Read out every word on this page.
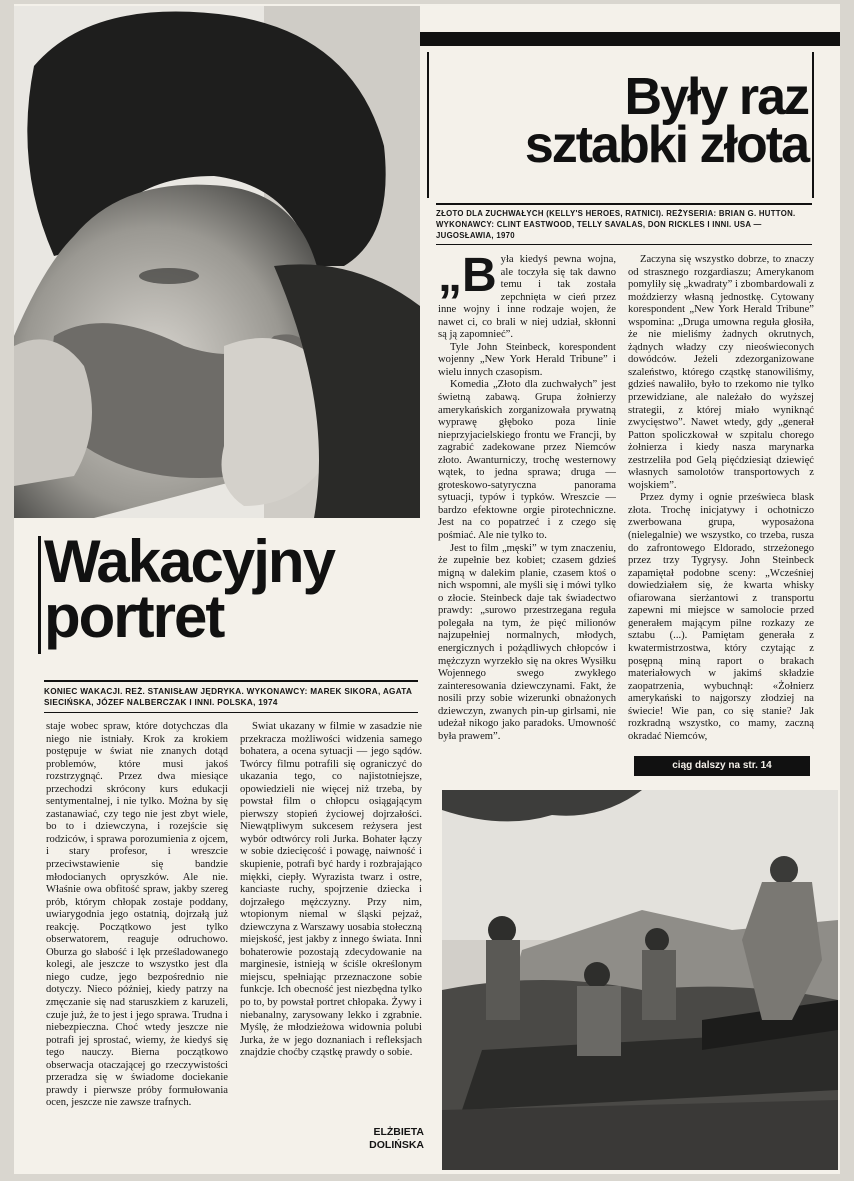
Wakacyjny
portret

KONIEC WAKACJI. REŻ. STANISŁAW JĘDRYKA. WYKONAWCY: MAREK SIKORA, AGATA SIECIŃSKA, JÓZEF NALBERCZAK I INNI. POLSKA, 1974

staje wobec spraw, które dotychczas dla niego nie istniały. Krok za krokiem postępuje w świat nie znanych dotąd problemów, które musi jakoś rozstrzygnąć. Przez dwa miesiące przechodzi skrócony kurs edukacji sentymentalnej, i nie tylko. Można by się zastanawiać, czy tego nie jest zbyt wiele, bo to i dziewczyna, i rozejście się rodziców, i sprawa porozumienia z ojcem, i stary profesor, i wreszcie przeciwstawienie się bandzie młodocianych opryszków. Ale nie. Właśnie owa obfitość spraw, jakby szereg prób, którym chłopak zostaje poddany, uwiarygodnia jego ostatnią, dojrzałą już reakcję. Początkowo jest tylko obserwatorem, reaguje odruchowo. Oburza go słabość i lęk prześladowanego kolegi, ale jeszcze to wszystko jest dla niego cudze, jego bezpośrednio nie dotyczy. Nieco później, kiedy patrzy na zmęczanie się nad staruszkiem z karuzeli, czuje już, że to jest i jego sprawa. Trudna i niebezpieczna. Choć wtedy jeszcze nie potrafi jej sprostać, wiemy, że kiedyś się tego nauczy. Bierna początkowo obserwacja otaczającej go rzeczywistości przeradza się w świadome dociekanie prawdy i pierwsze próby formułowania ocen, jeszcze nie zawsze trafnych.

Świat ukazany w filmie w zasadzie nie przekracza możliwości widzenia samego bohatera, a ocena sytuacji — jego sądów. Twórcy filmu potrafili się ograniczyć do ukazania tego, co najistotniejsze, opowiedzieli nie więcej niż trzeba, by powstał film o chłopcu osiągającym pierwszy stopień życiowej dojrzałości. Niewątpliwym sukcesem reżysera jest wybór odtwórcy roli Jurka. Bohater łączy w sobie dziecięcość i powagę, naiwność i skupienie, potrafi być hardy i rozbrajająco miękki, ciepły. Wyrazista twarz i ostre, kanciaste ruchy, spojrzenie dziecka i dojrzałego mężczyzny. Przy nim, wtopionym niemal w śląski pejzaż, dziewczyna z Warszawy uosabia stołeczną miejskość, jest jakby z innego świata. Inni bohaterowie pozostają zdecydowanie na marginesie, istnieją w ściśle określonym miejscu, spełniając przeznaczone sobie funkcje. Ich obecność jest niezbędna tylko po to, by powstał portret chłopaka. Żywy i niebanalny, zarysowany lekko i zgrabnie. Myślę, że młodzieżowa widownia polubi Jurka, że w jego doznaniach i refleksjach znajdzie choćby cząstkę prawdy o sobie.

ELŻBIETA
DOLIŃSKA

Były raz
sztabki złota

ZŁOTO DLA ZUCHWAŁYCH (KELLY'S HEROES, RATNICI). REŻYSERIA: BRIAN G. HUTTON. WYKONAWCY: CLINT EASTWOOD, TELLY SAVALAS, DON RICKLES I INNI. USA — JUGOSŁAWIA, 1970

„Była kiedyś pewna wojna, ale toczyła się tak dawno temu i tak została zepchnięta w cień przez inne wojny i inne rodzaje wojen, że nawet ci, co brali w niej udział, skłonni są ją zapomnieć”.

Tyle John Steinbeck, korespondent wojenny „New York Herald Tribune” i wielu innych czasopism.

Komedia „Złoto dla zuchwałych” jest świetną zabawą. Grupa żołnierzy amerykańskich zorganizowała prywatną wyprawę głęboko poza linie nieprzyjacielskiego frontu we Francji, by zagrabić zadekowane przez Niemców złoto. Awanturniczy, trochę westernowy wątek, to jedna sprawa; druga — groteskowo-satyryczna panorama sytuacji, typów i typków. Wreszcie — bardzo efektowne orgie pirotechniczne. Jest na co popatrzeć i z czego się pośmiać. Ale nie tylko to.

Jest to film „męski” w tym znaczeniu, że zupełnie bez kobiet; czasem gdzieś migną w dalekim planie, czasem ktoś o nich wspomni, ale myśli się i mówi tylko o złocie. Steinbeck daje tak świadectwo prawdy: „surowo przestrzegana reguła polegała na tym, że pięć milionów najzupełniej normalnych, młodych, energicznych i pożądliwych chłopców i mężczyzn wyrzekło się na okres Wysiłku Wojennego swego zwykłego zainteresowania dziewczynami. Fakt, że nosili przy sobie wizerunki obnażonych dziewczyn, zwanych pin-up girlsami, nie udeżał nikogo jako paradoks. Umowność była prawem”.

Zaczyna się wszystko dobrze, to znaczy od strasznego rozgardiaszu; Amerykanom pomyliły się „kwadraty” i zbombardowali z moździerzy własną jednostkę. Cytowany korespondent „New York Herald Tribune” wspomina: „Druga umowna reguła głosiła, że nie mieliśmy żadnych okrutnych, żądnych władzy czy nieoświeconych dowódców. Jeżeli zdezorganizowane szaleństwo, którego cząstkę stanowiliśmy, gdzieś nawaliło, było to rzekomo nie tylko przewidziane, ale należało do wyższej strategii, z której miało wyniknąć zwycięstwo”. Nawet wtedy, gdy „generał Patton spoliczkował w szpitalu chorego żołnierza i kiedy nasza marynarka zestrzeliła pod Gelą pięćdziesiąt dziewięć własnych samolotów transportowych z wojskiem”.

Przez dymy i ognie prześwieca blask złota. Trochę inicjatywy i ochotniczo zwerbowana grupa, wyposażona (nielegalnie) we wszystko, co trzeba, rusza do zafrontowego Eldorado, strzeżonego przez trzy Tygrysy. John Steinbeck zapamiętał podobne sceny: „Wcześniej dowiedziałem się, że kwarta whisky ofiarowana sierżantowi z transportu zapewni mi miejsce w samolocie przed generałem mającym pilne rozkazy ze sztabu (...). Pamiętam generała z kwatermistrzostwa, który czytając z posępną miną raport o brakach materiałowych w jakimś składzie zaopatrzenia, wybuchnął: «Żołnierz amerykański to najgorszy złodziej na świecie! Wie pan, co się stanie? Jak rozkradną wszystko, co mamy, zaczną okradać Niemców,

ciąg dalszy na str. 14
